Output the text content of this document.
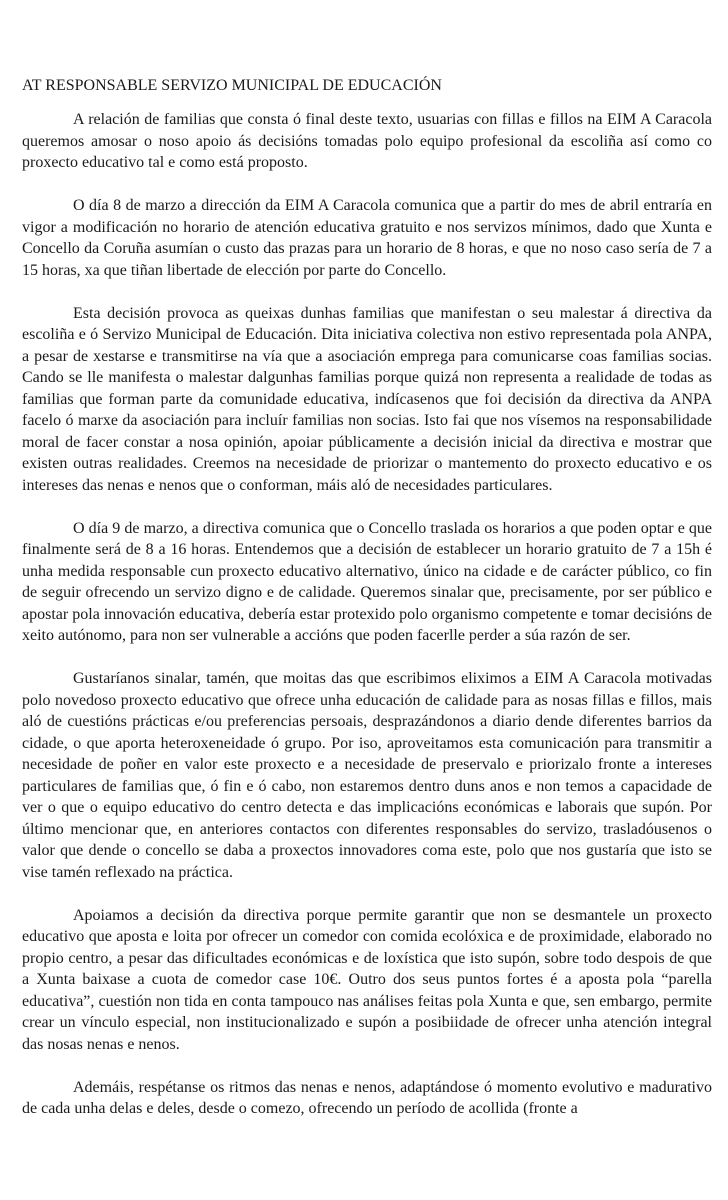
AT RESPONSABLE SERVIZO MUNICIPAL DE EDUCACIÓN

A relación de familias que consta ó final deste texto, usuarias con fillas e fillos na EIM A Caracola queremos amosar o noso apoio ás decisións tomadas polo equipo profesional da escoliña así como co proxecto educativo tal e como está proposto.

O día 8 de marzo a dirección da EIM A Caracola comunica que a partir do mes de abril entraría en vigor a modificación no horario de atención educativa gratuito e nos servizos mínimos, dado que Xunta e Concello da Coruña asumían o custo das prazas para un horario de 8 horas, e que no noso caso sería de 7 a 15 horas, xa que tiñan libertade de elección por parte do Concello.

Esta decisión provoca as queixas dunhas familias que manifestan o seu malestar á directiva da escoliña e ó Servizo Municipal de Educación. Dita iniciativa colectiva non estivo representada pola ANPA, a pesar de xestarse e transmitirse na vía que a asociación emprega para comunicarse coas familias socias. Cando se lle manifesta o malestar dalgunhas familias porque quizá non representa a realidade de todas as familias que forman parte da comunidade educativa, indícasenos que foi decisión da directiva da ANPA facelo ó marxe da asociación para incluír familias non socias. Isto fai que nos vísemos na responsabilidade moral de facer constar a nosa opinión, apoiar públicamente a decisión inicial da directiva e mostrar que existen outras realidades. Creemos na necesidade de priorizar o mantemento do proxecto educativo e os intereses das nenas e nenos que o conforman, máis aló de necesidades particulares.

O día 9 de marzo, a directiva comunica que o Concello traslada os horarios a que poden optar e que finalmente será de 8 a 16 horas. Entendemos que a decisión de establecer un horario gratuito de 7 a 15h é unha medida responsable cun proxecto educativo alternativo, único na cidade e de carácter público, co fin de seguir ofrecendo un servizo digno e de calidade. Queremos sinalar que, precisamente, por ser público e apostar pola innovación educativa, debería estar protexido polo organismo competente e tomar decisións de xeito autónomo, para non ser vulnerable a accións que poden facerlle perder a súa razón de ser.

Gustaríanos sinalar, tamén, que moitas das que escribimos eliximos a EIM A Caracola motivadas polo novedoso proxecto educativo que ofrece unha educación de calidade para as nosas fillas e fillos, mais aló de cuestións prácticas e/ou preferencias persoais, desprazándonos a diario dende diferentes barrios da cidade, o que aporta heteroxeneidade ó grupo. Por iso, aproveitamos esta comunicación para transmitir a necesidade de poñer en valor este proxecto e a necesidade de preservalo e priorizalo fronte a intereses particulares de familias que, ó fin e ó cabo, non estaremos dentro duns anos e non temos a capacidade de ver o que o equipo educativo do centro detecta e das implicacións económicas e laborais que supón. Por último mencionar que, en anteriores contactos con diferentes responsables do servizo, trasladóusenos o valor que dende o concello se daba a proxectos innovadores coma este, polo que nos gustaría que isto se vise tamén reflexado na práctica.

Apoiamos a decisión da directiva porque permite garantir que non se desmantele un proxecto educativo que aposta e loita por ofrecer un comedor con comida ecolóxica e de proximidade, elaborado no propio centro, a pesar das dificultades económicas e de loxística que isto supón, sobre todo despois de que a Xunta baixase a cuota de comedor case 10€. Outro dos seus puntos fortes é a aposta pola “parella educativa”, cuestión non tida en conta tampouco nas análises feitas pola Xunta e que, sen embargo, permite crear un vínculo especial, non institucionalizado e supón a posibiidade de ofrecer unha atención integral das nosas nenas e nenos.

Ademáis, respétanse os ritmos das nenas e nenos, adaptándose ó momento evolutivo e madurativo de cada unha delas e deles, desde o comezo, ofrecendo un período de acollida (fronte a
